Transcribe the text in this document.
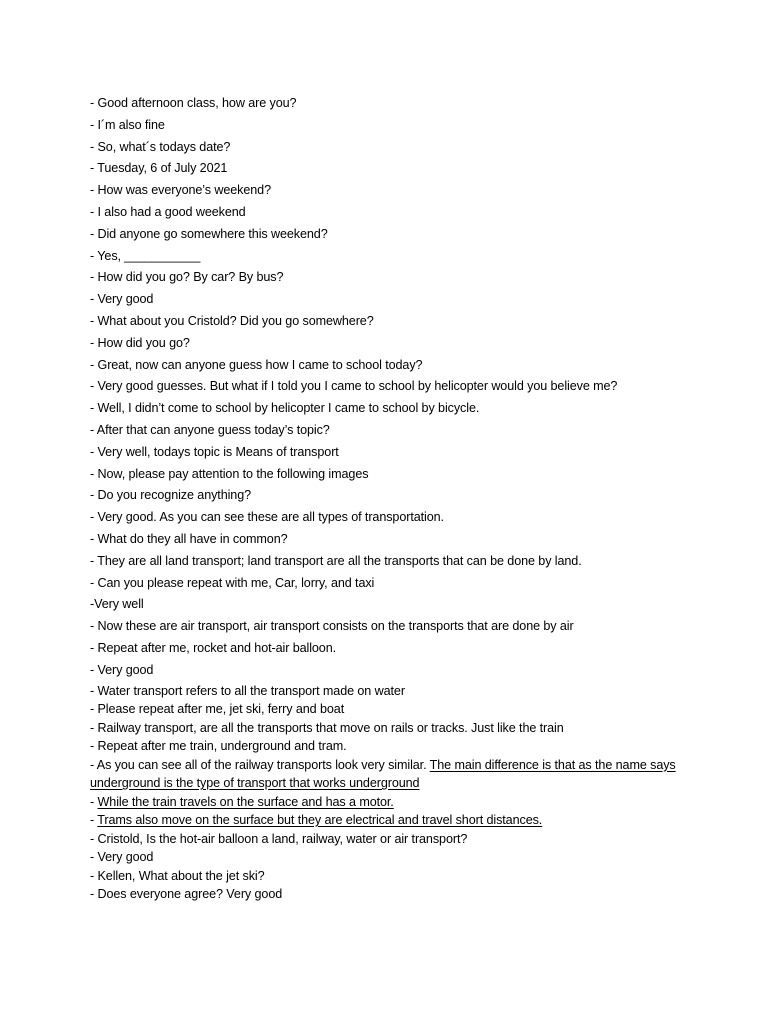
- Good afternoon class, how are you?
- I´m also fine
- So, what´s todays date?
- Tuesday, 6 of July 2021
- How was everyone’s weekend?
- I also had a good weekend
- Did anyone go somewhere this weekend?
- Yes, ___________
- How did you go? By car? By bus?
- Very good
- What about you Cristold? Did you go somewhere?
- How did you go?
- Great, now can anyone guess how I came to school today?
- Very good guesses. But what if I told you I came to school by helicopter would you believe me?
- Well, I didn’t come to school by helicopter I came to school by bicycle.
- After that can anyone guess today’s topic?
- Very well, todays topic is Means of transport
- Now, please pay attention to the following images
- Do you recognize anything?
- Very good. As you can see these are all types of transportation.
- What do they all have in common?
- They are all land transport; land transport are all the transports that can be done by land.
- Can you please repeat with me, Car, lorry, and taxi
-Very well
- Now these are air transport, air transport consists on the transports that are done by air
- Repeat after me, rocket and hot-air balloon.
- Very good
- Water transport refers to all the transport made on water
- Please repeat after me, jet ski, ferry and boat
- Railway transport, are all the transports that move on rails or tracks. Just like the train
- Repeat after me train, underground and tram.
- As you can see all of the railway transports look very similar. The main difference is that as the name says underground is the type of transport that works underground
- While the train travels on the surface and has a motor.
- Trams also move on the surface but they are electrical and travel short distances.
- Cristold, Is the hot-air balloon a land, railway, water or air transport?
- Very good
- Kellen, What about the jet ski?
- Does everyone agree? Very good
